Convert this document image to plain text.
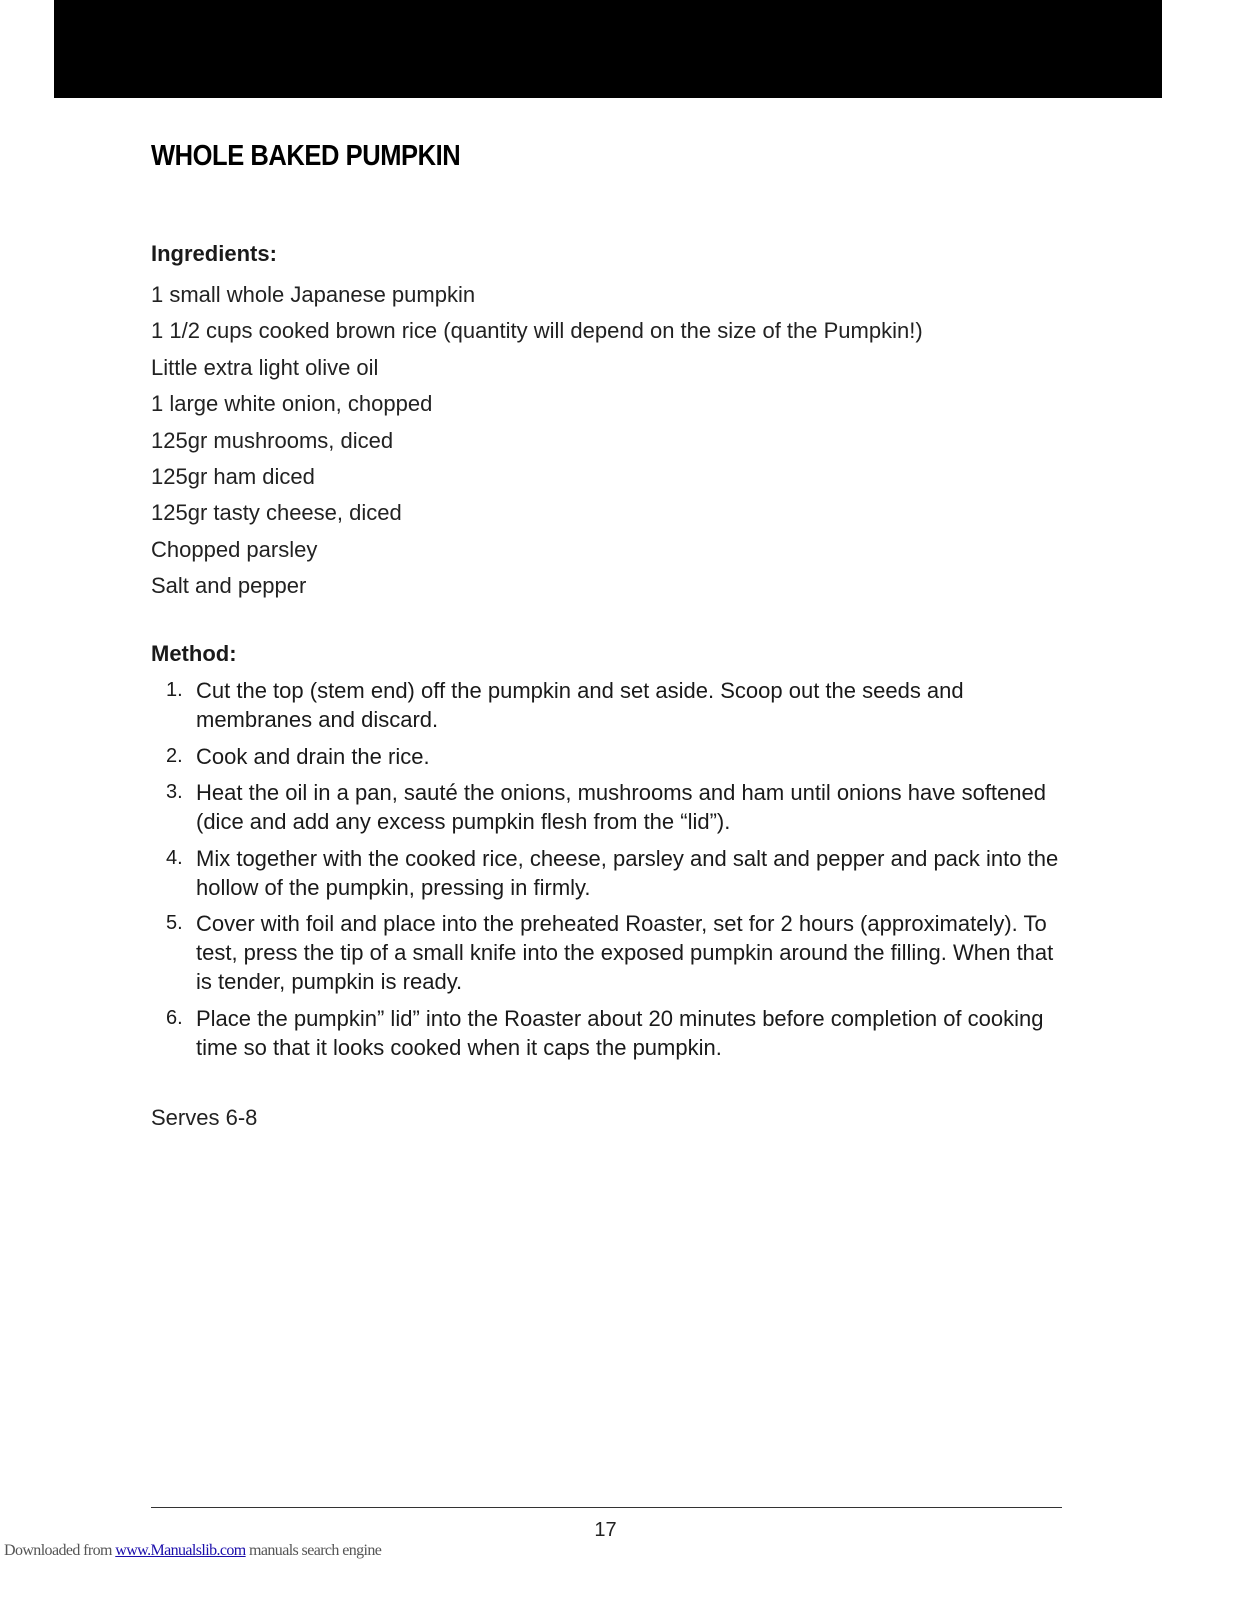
WHOLE BAKED PUMPKIN
Ingredients:
1 small whole Japanese pumpkin
1 1/2 cups cooked brown rice (quantity will depend on the size of the Pumpkin!)
Little extra light olive oil
1 large white onion, chopped
125gr mushrooms, diced
125gr ham diced
125gr tasty cheese, diced
Chopped parsley
Salt and pepper
Method:
1. Cut the top (stem end) off the pumpkin and set aside. Scoop out the seeds and membranes and discard.
2. Cook and drain the rice.
3. Heat the oil in a pan, sauté the onions, mushrooms and ham until onions have softened (dice and add any excess pumpkin flesh from the “lid”).
4. Mix together with the cooked rice, cheese, parsley and salt and pepper and pack into the hollow of the pumpkin, pressing in firmly.
5. Cover with foil and place into the preheated Roaster, set for 2 hours (approximately). To test, press the tip of a small knife into the exposed pumpkin around the filling. When that is tender, pumpkin is ready.
6. Place the pumpkin” lid” into the Roaster about 20 minutes before completion of cooking time so that it looks cooked when it caps the pumpkin.

Serves 6-8

17
Downloaded from www.Manualslib.com manuals search engine
